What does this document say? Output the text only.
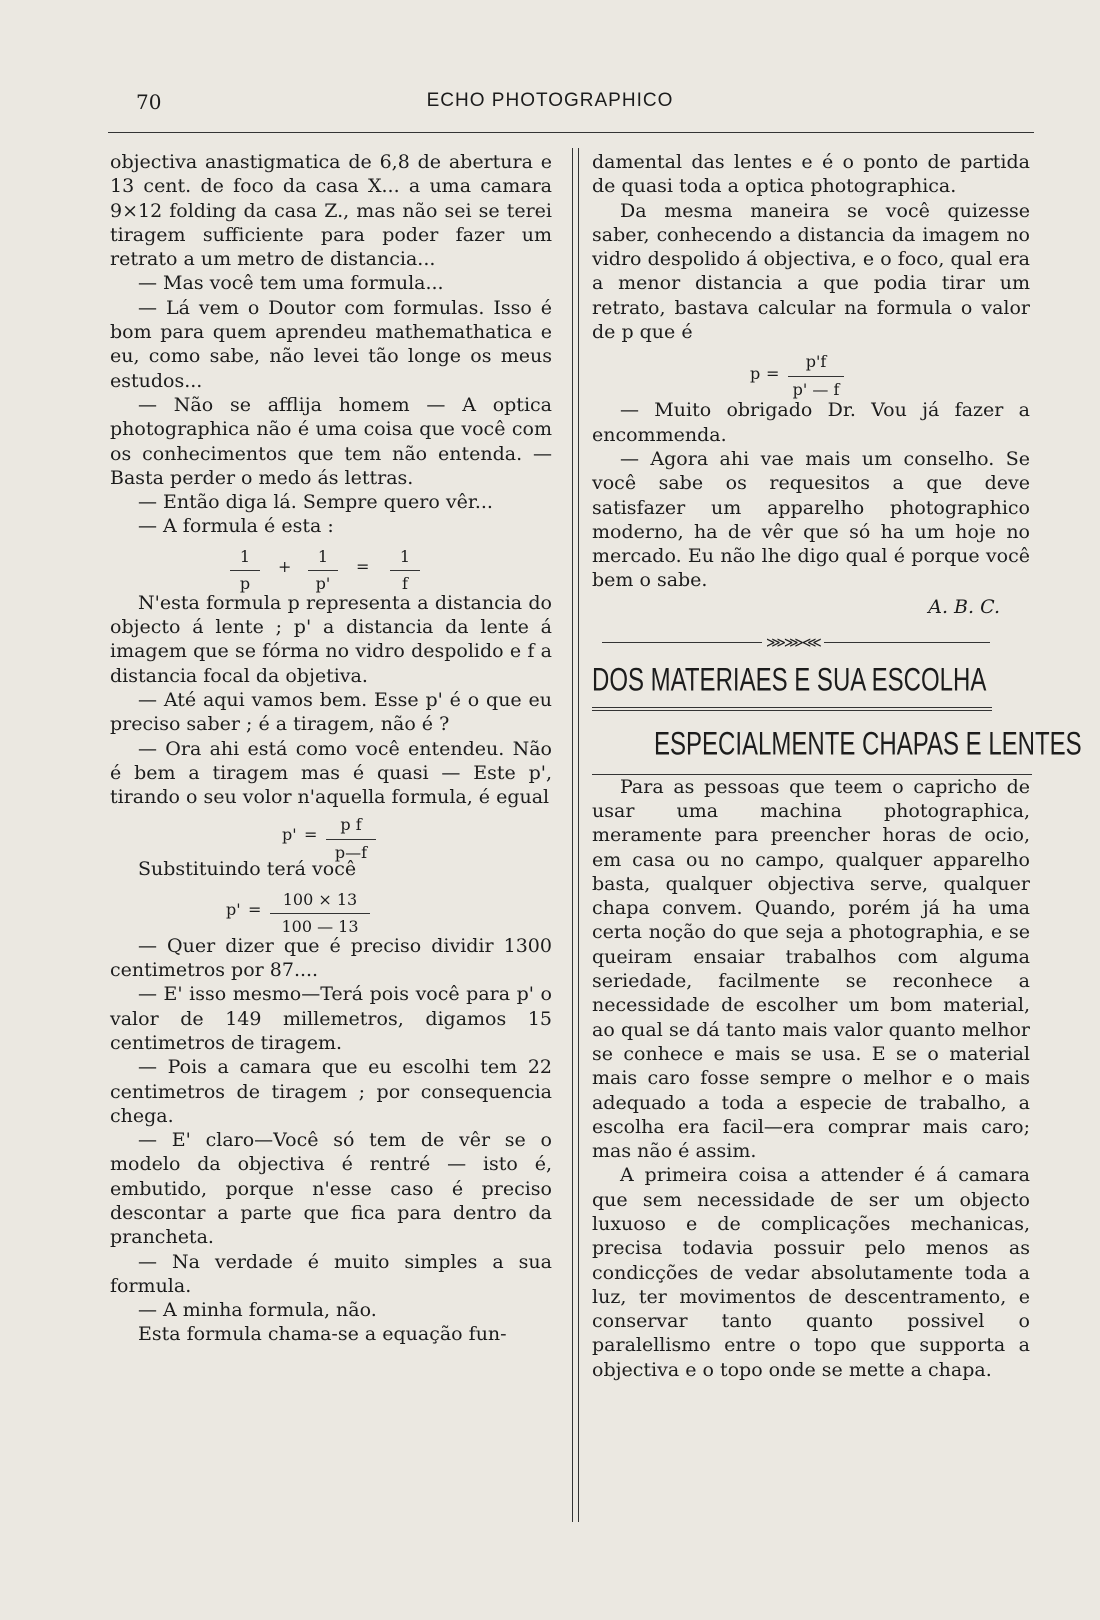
70	ECHO PHOTOGRAPHICO

objectiva anastigmatica de 6,8 de abertura e 13 cent. de foco da casa X... a uma camara 9×12 folding da casa Z., mas não sei se terei tiragem sufficiente para poder fazer um retrato a um metro de distancia...

— Mas você tem uma formula...

— Lá vem o Doutor com formulas. Isso é bom para quem aprendeu mathemathatica e eu, como sabe, não levei tão longe os meus estudos...

— Não se afflija homem — A optica photographica não é uma coisa que você com os conhecimentos que tem não entenda. — Basta perder o medo ás lettras.

— Então diga lá. Sempre quero vêr...

— A formula é esta :

$\frac{1}{p} + \frac{1}{p'} = \frac{1}{f}$

N'esta formula p representa a distancia do objecto á lente ; p' a distancia da lente á imagem que se fórma no vidro despolido e f a distancia focal da objetiva.

— Até aqui vamos bem. Esse p' é o que eu preciso saber ; é a tiragem, não é ?

— Ora ahi está como você entendeu. Não é bem a tiragem mas é quasi — Este p', tirando o seu volor n'aquella formula, é egual

$p' = \frac{\text{p f}}{p—f}$

Substituindo terá você

$p' = \frac{100 \times 13}{100 — 13}$

— Quer dizer que é preciso dividir 1300 centimetros por 87....

— E' isso mesmo—Terá pois você para p' o valor de 149 millemetros, digamos 15 centimetros de tiragem.

— Pois a camara que eu escolhi tem 22 centimetros de tiragem ; por consequencia chega.

— E' claro—Você só tem de vêr se o modelo da objectiva é rentré — isto é, embutido, porque n'esse caso é preciso descontar a parte que fica para dentro da prancheta.

— Na verdade é muito simples a sua formula.

— A minha formula, não.

Esta formula chama-se a equação fun-

damental das lentes e é o ponto de partida de quasi toda a optica photographica.

Da mesma maneira se você quizesse saber, conhecendo a distancia da imagem no vidro despolido á objectiva, e o foco, qual era a menor distancia a que podia tirar um retrato, bastava calcular na formula o valor de p que é

$p = \frac{p'f}{p' — f}$

— Muito obrigado Dr. Vou já fazer a encommenda.

— Agora ahi vae mais um conselho. Se você sabe os requesitos a que deve satisfazer um apparelho photographico moderno, ha de vêr que só ha um hoje no mercado. Eu não lhe digo qual é porque você bem o sabe.

A. B. C.
⋙⋙⋘
DOS MATERIAES E SUA ESCOLHA
ESPECIALMENTE CHAPAS E LENTES

Para as pessoas que teem o capricho de usar uma machina photographica, meramente para preencher horas de ocio, em casa ou no campo, qualquer apparelho basta, qualquer objectiva serve, qualquer chapa convem. Quando, porém já ha uma certa noção do que seja a photographia, e se queiram ensaiar trabalhos com alguma seriedade, facilmente se reconhece a necessidade de escolher um bom material, ao qual se dá tanto mais valor quanto melhor se conhece e mais se usa. E se o material mais caro fosse sempre o melhor e o mais adequado a toda a especie de trabalho, a escolha era facil—era comprar mais caro; mas não é assim.

A primeira coisa a attender é á camara que sem necessidade de ser um objecto luxuoso e de complicações mechanicas, precisa todavia possuir pelo menos as condicções de vedar absolutamente toda a luz, ter movimentos de descentramento, e conservar tanto quanto possivel o paralellismo entre o topo que supporta a objectiva e o topo onde se mette a chapa.
